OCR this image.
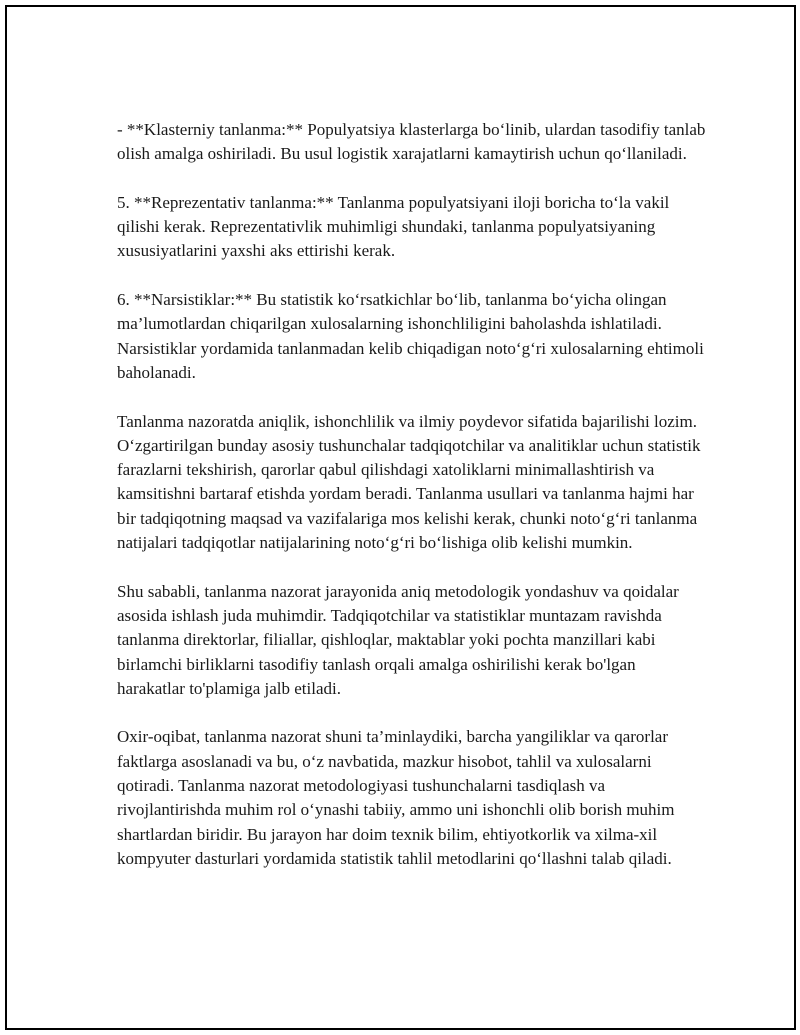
- **Klasterniy tanlanma:** Populyatsiya klasterlarga bo‘linib, ulardan tasodifiy tanlab olish amalga oshiriladi. Bu usul logistik xarajatlarni kamaytirish uchun qo‘llaniladi.

5. **Reprezentativ tanlanma:** Tanlanma populyatsiyani iloji boricha to‘la vakil qilishi kerak. Reprezentativlik muhimligi shundaki, tanlanma populyatsiyaning xususiyatlarini yaxshi aks ettirishi kerak.

6. **Narsistiklar:** Bu statistik ko‘rsatkichlar bo‘lib, tanlanma bo‘yicha olingan ma’lumotlardan chiqarilgan xulosalarning ishonchliligini baholashda ishlatiladi. Narsistiklar yordamida tanlanmadan kelib chiqadigan noto‘g‘ri xulosalarning ehtimoli baholanadi.

Tanlanma nazoratda aniqlik, ishonchlilik va ilmiy poydevor sifatida bajarilishi lozim. O‘zgartirilgan bunday asosiy tushunchalar tadqiqotchilar va analitiklar uchun statistik farazlarni tekshirish, qarorlar qabul qilishdagi xatoliklarni minimallashtirish va kamsitishni bartaraf etishda yordam beradi. Tanlanma usullari va tanlanma hajmi har bir tadqiqotning maqsad va vazifalariga mos kelishi kerak, chunki noto‘g‘ri tanlanma natijalari tadqiqotlar natijalarining noto‘g‘ri bo‘lishiga olib kelishi mumkin.

Shu sababli, tanlanma nazorat jarayonida aniq metodologik yondashuv va qoidalar asosida ishlash juda muhimdir. Tadqiqotchilar va statistiklar muntazam ravishda tanlanma direktorlar, filiallar, qishloqlar, maktablar yoki pochta manzillari kabi birlamchi birliklarni tasodifiy tanlash orqali amalga oshirilishi kerak bo'lgan harakatlar to'plamiga jalb etiladi.

Oxir-oqibat, tanlanma nazorat shuni ta’minlaydiki, barcha yangiliklar va qarorlar faktlarga asoslanadi va bu, o‘z navbatida, mazkur hisobot, tahlil va xulosalarni qotiradi. Tanlanma nazorat metodologiyasi tushunchalarni tasdiqlash va rivojlantirishda muhim rol o‘ynashi tabiiy, ammo uni ishonchli olib borish muhim shartlardan biridir. Bu jarayon har doim texnik bilim, ehtiyotkorlik va xilma-xil kompyuter dasturlari yordamida statistik tahlil metodlarini qo‘llashni talab qiladi.
